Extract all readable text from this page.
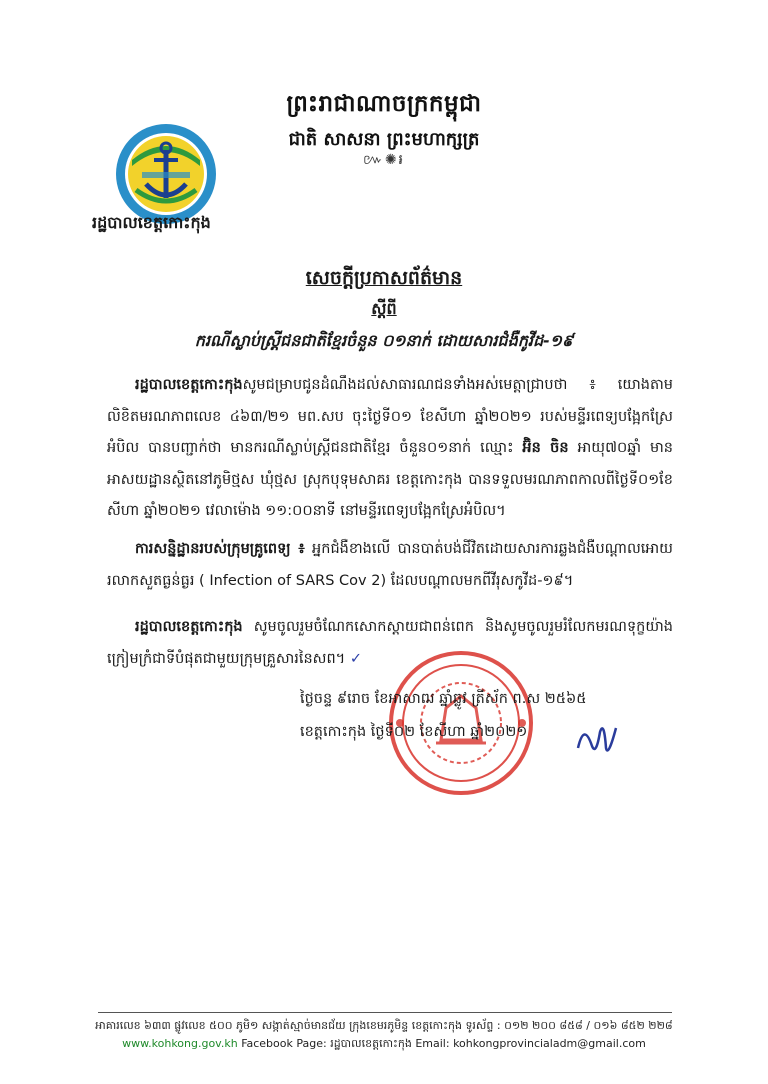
ព្រះរាជាណាចក្រកម្ពុជា
ជាតិ សាសនា ព្រះមហាក្សត្រ
៚✺៛
រដ្ឋបាលខេត្តកោះកុង
សេចក្ដីប្រកាសព័ត៌មាន
ស្ដីពី
ករណីស្លាប់ស្រ្តីជនជាតិខ្មែរចំនួន ០១នាក់ ដោយសារជំងឺកូវីដ-១៩
រដ្ឋបាលខេត្តកោះកុងសូមជម្រាបជូនដំណឹងដល់សាធារណជនទាំងអស់មេត្តាជ្រាបថា ៖ យោងតាមលិខិតមរណភាពលេខ ៤៦៣/២១ មព.សប ចុះថ្ងៃទី០១ ខែសីហា ឆ្នាំ២០២១ របស់មន្ទីរពេទ្យបង្អែកស្រែអំបិល បានបញ្ជាក់ថា មានករណីស្លាប់ស្រ្តីជនជាតិខ្មែរ ចំនួន០១នាក់ ឈ្មោះ អ៊ិន ចិន អាយុ៧០ឆ្នាំ មានអាសយដ្ឋានស្ថិតនៅភូមិថ្មស ឃុំថ្មស ស្រុកបុទុមសាគរ ខេត្តកោះកុង បានទទួលមរណភាពកាលពីថ្ងៃទី០១ខែសីហា ឆ្នាំ២០២១ វេលាម៉ោង ១១:០០នាទី នៅមន្ទីរពេទ្យបង្អែកស្រែអំបិល។
ការសន្និដ្ឋានរបស់ក្រុមគ្រូពេទ្យ ៖ អ្នកជំងឺខាងលើ បានបាត់បង់ជីវិតដោយសារការឆ្លងជំងឺបណ្ដាលអោយរលាកសួតធ្ងន់ធ្ងរ ( Infection of SARS Cov 2) ដែលបណ្ដាលមកពីវីរុសកូវីដ-១៩។
រដ្ឋបាលខេត្តកោះកុង សូមចូលរួមចំណែកសោកស្ដាយជាពន់ពេក និងសូមចូលរួមរំលែកមរណទុក្ខយ៉ាងក្រៀមក្រំជាទីបំផុតជាមួយក្រុមគ្រួសារនៃសព។ ✓
ថ្ងៃចន្ទ ៩រោច ខែអាសាឍ ឆ្នាំឆ្លូវ ត្រីស័ក ព.ស ២៥៦៥
ខេត្តកោះកុង ថ្ងៃទី០២ ខែសីហា ឆ្នាំ២០២១
អាគារលេខ ៦៣៣ ផ្លូវលេខ ៥០០ ភូមិ១ សង្កាត់ស្មាច់មានជ័យ ក្រុងខេមរភូមិន្ទ ខេត្តកោះកុង ទូរស័ព្ទ : ០១២ ២០០ ៨៥៨ / ០១៦ ៨៥២ ២២៨
www.kohkong.gov.kh Facebook Page: រដ្ឋបាលខេត្តកោះកុង Email: kohkongprovincialadm@gmail.com
